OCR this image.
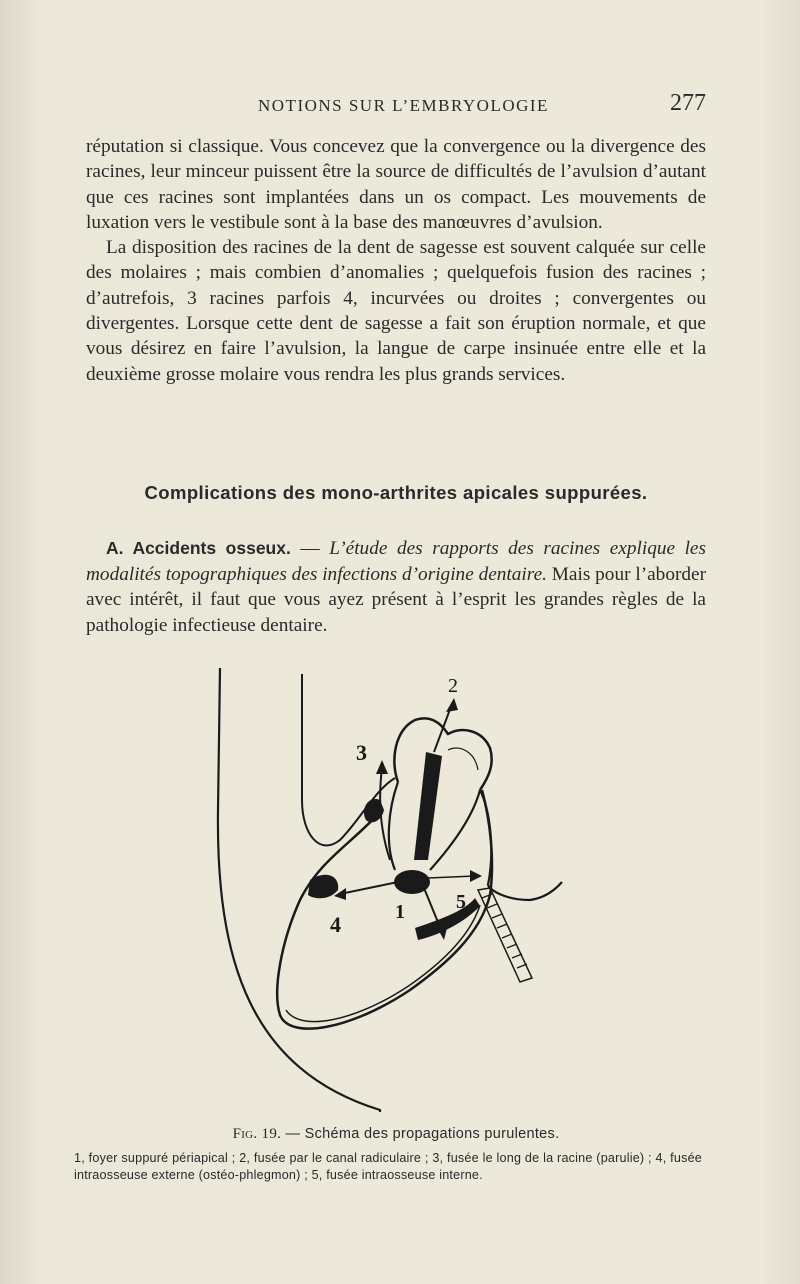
NOTIONS SUR L’EMBRYOLOGIE	277

réputation si classique. Vous concevez que la convergence ou la divergence des racines, leur minceur puissent être la source de difficultés de l’avulsion d’autant que ces racines sont implantées dans un os compact. Les mouvements de luxation vers le vestibule sont à la base des manœuvres d’avulsion.

La disposition des racines de la dent de sagesse est souvent calquée sur celle des molaires ; mais combien d’anomalies ; quelquefois fusion des racines ; d’autrefois, 3 racines parfois 4, incurvées ou droites ; convergentes ou divergentes. Lorsque cette dent de sagesse a fait son éruption normale, et que vous désirez en faire l’avulsion, la langue de carpe insinuée entre elle et la deuxième grosse molaire vous rendra les plus grands services.

Complications des mono-arthrites apicales suppurées.

A. Accidents osseux. — L’étude des rapports des racines explique les modalités topographiques des infections d’origine dentaire. Mais pour l’aborder avec intérêt, il faut que vous ayez présent à l’esprit les grandes règles de la pathologie infectieuse dentaire.

1
2
3
4
5
Fig. 19. — Schéma des propagations purulentes.

1, foyer suppuré périapical ; 2, fusée par le canal radiculaire ; 3, fusée le long de la racine (parulie) ; 4, fusée intraosseuse externe (ostéo-phlegmon) ; 5, fusée intraosseuse interne.
